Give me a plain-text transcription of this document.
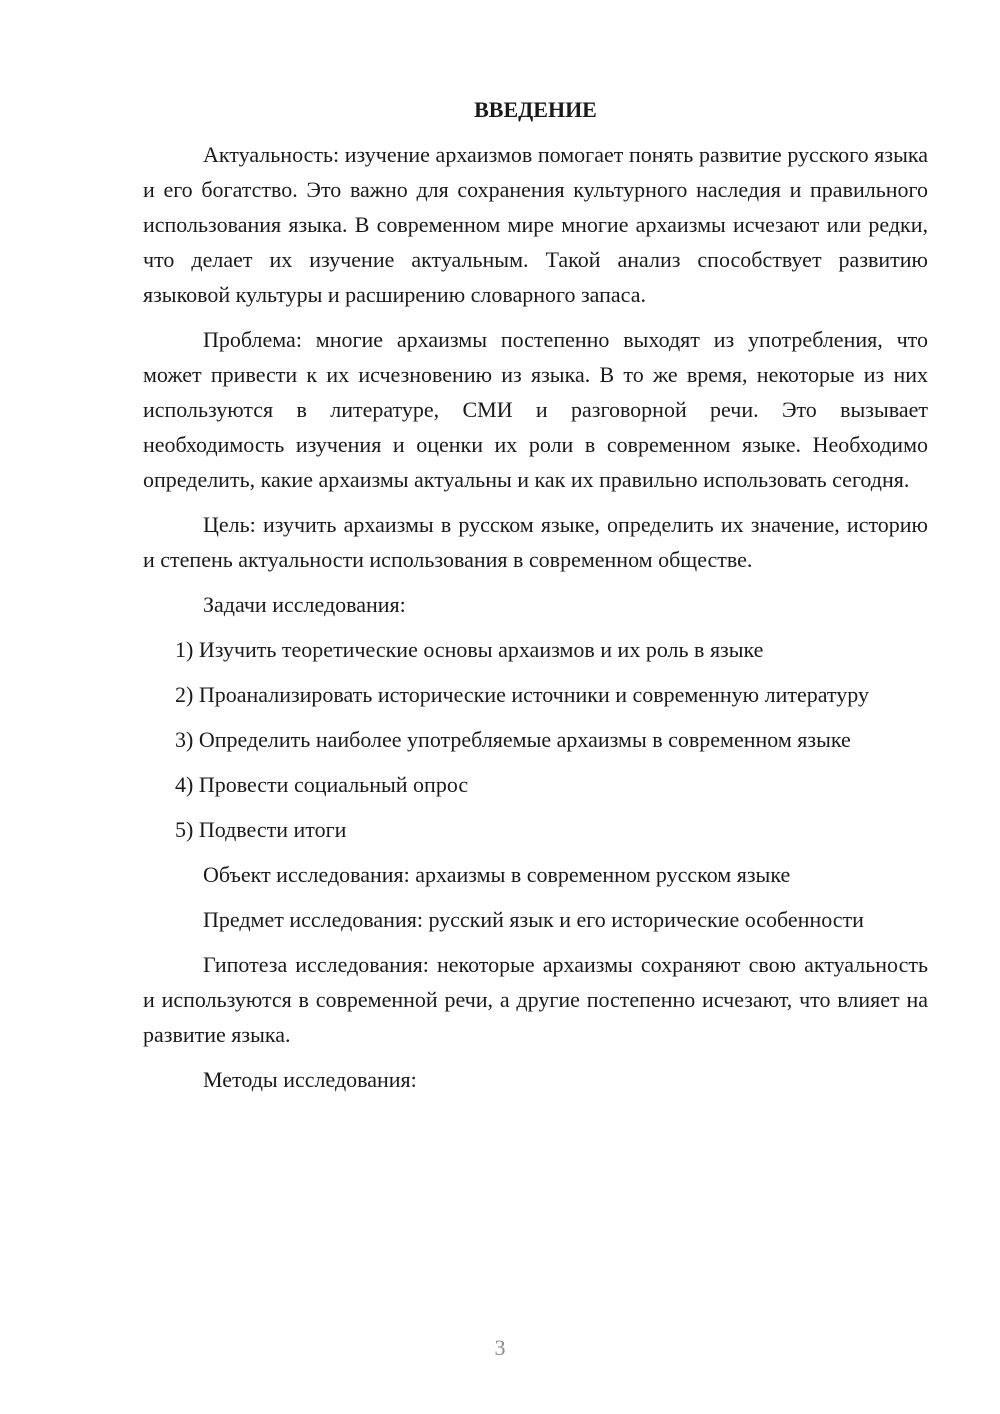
ВВЕДЕНИЕ

Актуальность: изучение архаизмов помогает понять развитие русского языка и его богатство. Это важно для сохранения культурного наследия и правильного использования языка. В современном мире многие архаизмы исчезают или редки, что делает их изучение актуальным. Такой анализ способствует развитию языковой культуры и расширению словарного запаса.

Проблема: многие архаизмы постепенно выходят из употребления, что может привести к их исчезновению из языка. В то же время, некоторые из них используются в литературе, СМИ и разговорной речи. Это вызывает необходимость изучения и оценки их роли в современном языке. Необходимо определить, какие архаизмы актуальны и как их правильно использовать сегодня.

Цель: изучить архаизмы в русском языке, определить их значение, историю и степень актуальности использования в современном обществе.

Задачи исследования:

1) Изучить теоретические основы архаизмов и их роль в языке

2) Проанализировать исторические источники и современную литературу

3) Определить наиболее употребляемые архаизмы в современном языке

4) Провести социальный опрос

5) Подвести итоги

Объект исследования: архаизмы в современном русском языке

Предмет исследования: русский язык и его исторические особенности

Гипотеза исследования: некоторые архаизмы сохраняют свою актуальность и используются в современной речи, а другие постепенно исчезают, что влияет на развитие языка.

Методы исследования:

3
